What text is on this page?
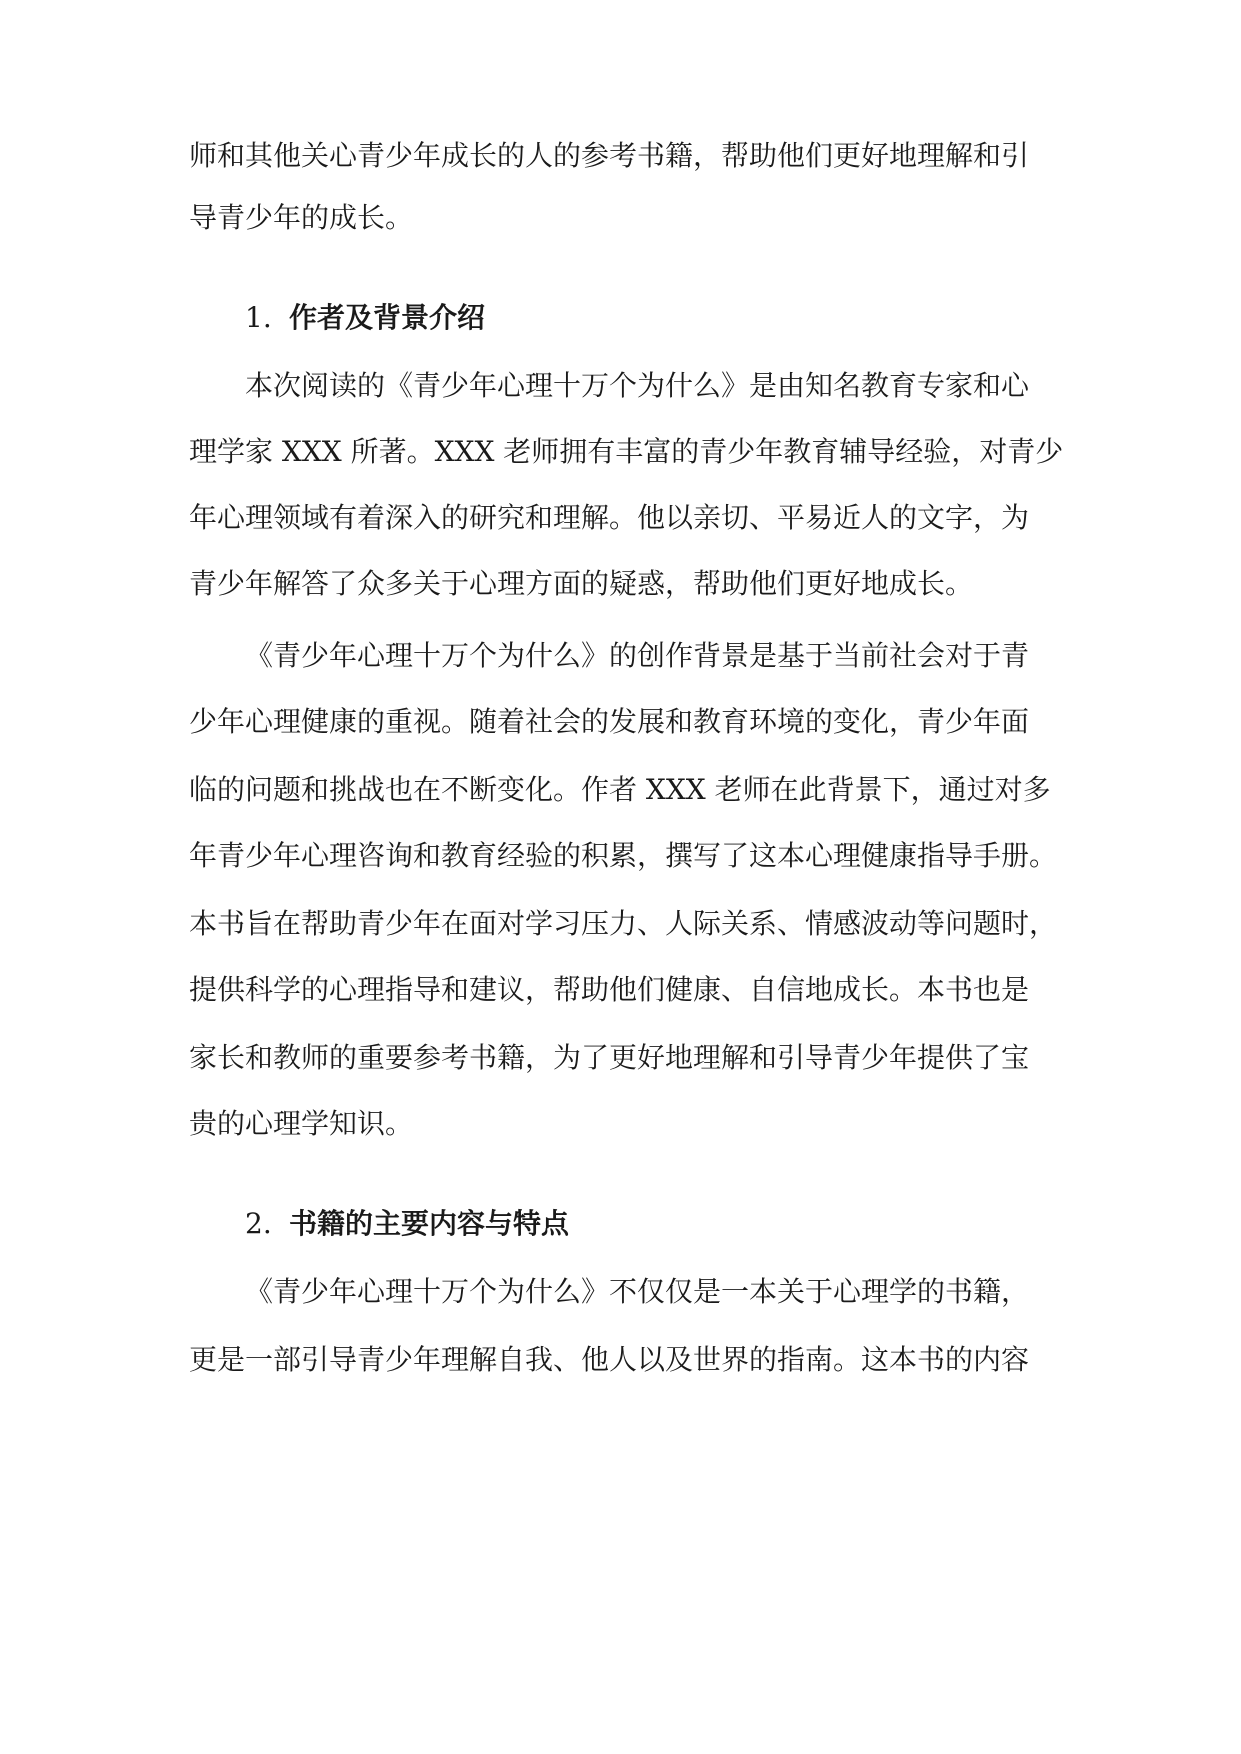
师和其他关心青少年成长的人的参考书籍，帮助他们更好地理解和引
导青少年的成长。
1. 作者及背景介绍
本次阅读的《青少年心理十万个为什么》是由知名教育专家和心
理学家 XXX 所著。XXX 老师拥有丰富的青少年教育辅导经验，对青少
年心理领域有着深入的研究和理解。他以亲切、平易近人的文字，为
青少年解答了众多关于心理方面的疑惑，帮助他们更好地成长。
《青少年心理十万个为什么》的创作背景是基于当前社会对于青
少年心理健康的重视。随着社会的发展和教育环境的变化，青少年面
临的问题和挑战也在不断变化。作者 XXX 老师在此背景下，通过对多
年青少年心理咨询和教育经验的积累，撰写了这本心理健康指导手册。
本书旨在帮助青少年在面对学习压力、人际关系、情感波动等问题时，
提供科学的心理指导和建议，帮助他们健康、自信地成长。本书也是
家长和教师的重要参考书籍，为了更好地理解和引导青少年提供了宝
贵的心理学知识。
2. 书籍的主要内容与特点
《青少年心理十万个为什么》不仅仅是一本关于心理学的书籍，
更是一部引导青少年理解自我、他人以及世界的指南。这本书的内容
